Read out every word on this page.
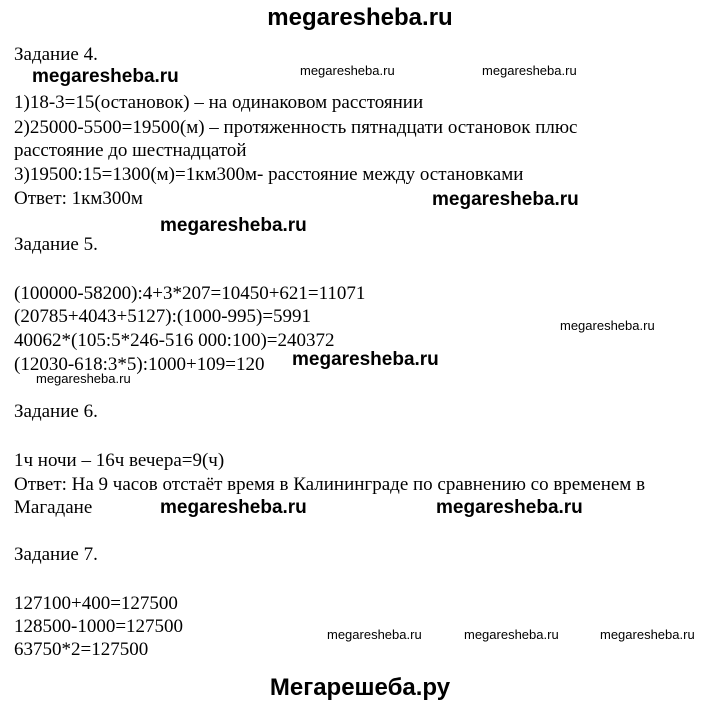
megaresheba.ru
Задание 4.
megaresheba.ru	megaresheba.ru	megaresheba.ru
1)18-3=15(остановок) – на одинаковом расстоянии
2)25000-5500=19500(м) – протяженность пятнадцати остановок плюс
расстояние до шестнадцатой
3)19500:15=1300(м)=1км300м- расстояние между остановками
Ответ: 1км300м	megaresheba.ru
megaresheba.ru
Задание 5.
(100000-58200):4+3*207=10450+621=11071
(20785+4043+5127):(1000-995)=5991	megaresheba.ru
40062*(105:5*246-516 000:100)=240372
(12030-618:3*5):1000+109=120 megaresheba.ru
megaresheba.ru
Задание 6.
1ч ночи – 16ч вечера=9(ч)
Ответ: На 9 часов отстаёт время в Калининграде по сравнению со временем в
Магадане	megaresheba.ru	megaresheba.ru
Задание 7.
127100+400=127500
128500-1000=127500	megaresheba.ru	megaresheba.ru	megaresheba.ru
63750*2=127500
Мегарешеба.ру
